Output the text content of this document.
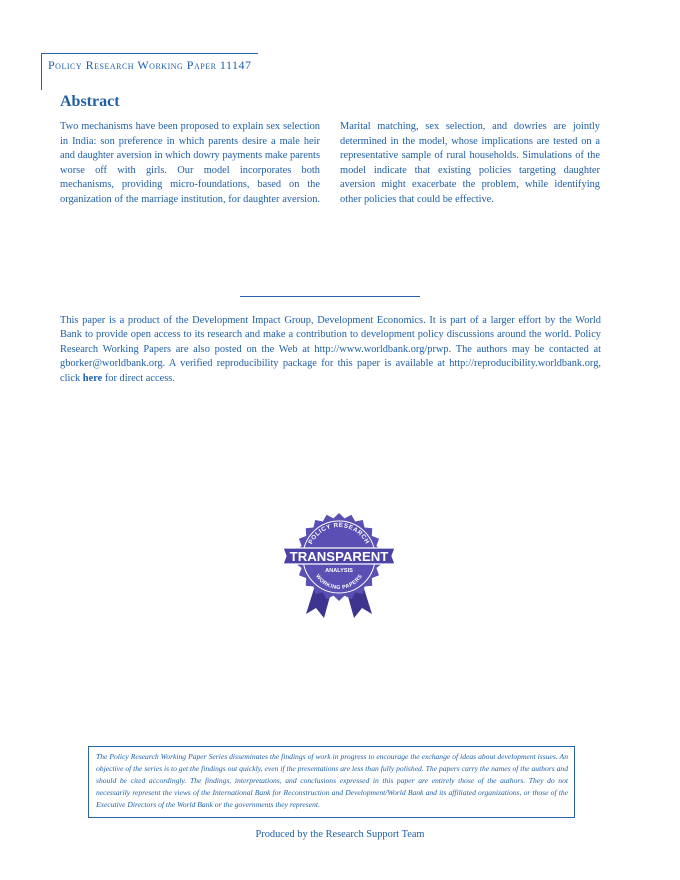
Policy Research Working Paper 11147
Abstract
Two mechanisms have been proposed to explain sex selection in India: son preference in which parents desire a male heir and daughter aversion in which dowry payments make parents worse off with girls. Our model incorporates both mechanisms, providing micro-foundations, based on the organization of the marriage institution, for daughter aversion. Marital matching, sex selection, and dowries are jointly determined in the model, whose implications are tested on a representative sample of rural households. Simulations of the model indicate that existing policies targeting daughter aversion might exacerbate the problem, while identifying other policies that could be effective.
This paper is a product of the Development Impact Group, Development Economics. It is part of a larger effort by the World Bank to provide open access to its research and make a contribution to development policy discussions around the world. Policy Research Working Papers are also posted on the Web at http://www.worldbank.org/prwp. The authors may be contacted at gborker@worldbank.org. A verified reproducibility package for this paper is available at http://reproducibility.worldbank.org, click here for direct access.
POLICY RESEARCH
TRANSPARENT
ANALYSIS
WORKING PAPERS
The Policy Research Working Paper Series disseminates the findings of work in progress to encourage the exchange of ideas about development issues. An objective of the series is to get the findings out quickly, even if the presentations are less than fully polished. The papers carry the names of the authors and should be cited accordingly. The findings, interpretations, and conclusions expressed in this paper are entirely those of the authors. They do not necessarily represent the views of the International Bank for Reconstruction and Development/World Bank and its affiliated organizations, or those of the Executive Directors of the World Bank or the governments they represent.
Produced by the Research Support Team
